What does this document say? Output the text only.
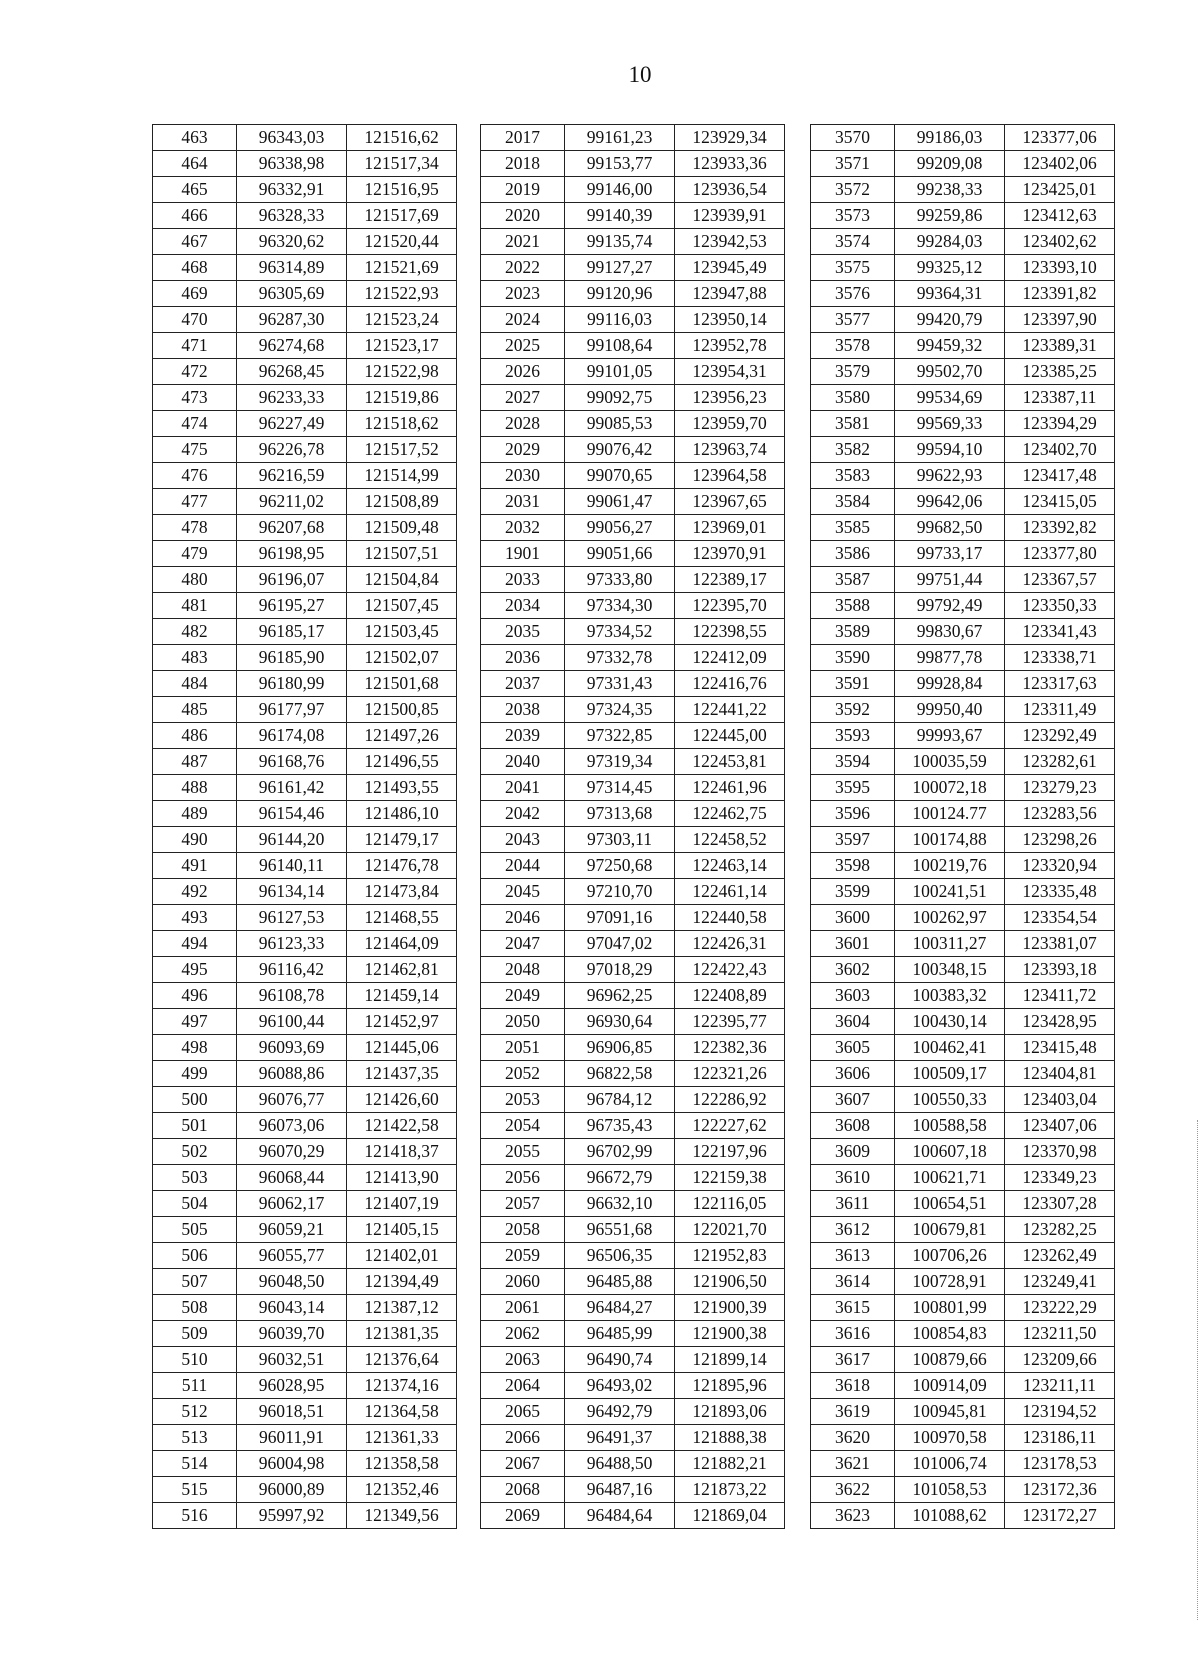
10
463	96343,03	121516,62
464	96338,98	121517,34
465	96332,91	121516,95
466	96328,33	121517,69
467	96320,62	121520,44
468	96314,89	121521,69
469	96305,69	121522,93
470	96287,30	121523,24
471	96274,68	121523,17
472	96268,45	121522,98
473	96233,33	121519,86
474	96227,49	121518,62
475	96226,78	121517,52
476	96216,59	121514,99
477	96211,02	121508,89
478	96207,68	121509,48
479	96198,95	121507,51
480	96196,07	121504,84
481	96195,27	121507,45
482	96185,17	121503,45
483	96185,90	121502,07
484	96180,99	121501,68
485	96177,97	121500,85
486	96174,08	121497,26
487	96168,76	121496,55
488	96161,42	121493,55
489	96154,46	121486,10
490	96144,20	121479,17
491	96140,11	121476,78
492	96134,14	121473,84
493	96127,53	121468,55
494	96123,33	121464,09
495	96116,42	121462,81
496	96108,78	121459,14
497	96100,44	121452,97
498	96093,69	121445,06
499	96088,86	121437,35
500	96076,77	121426,60
501	96073,06	121422,58
502	96070,29	121418,37
503	96068,44	121413,90
504	96062,17	121407,19
505	96059,21	121405,15
506	96055,77	121402,01
507	96048,50	121394,49
508	96043,14	121387,12
509	96039,70	121381,35
510	96032,51	121376,64
511	96028,95	121374,16
512	96018,51	121364,58
513	96011,91	121361,33
514	96004,98	121358,58
515	96000,89	121352,46
516	95997,92	121349,56
2017	99161,23	123929,34
2018	99153,77	123933,36
2019	99146,00	123936,54
2020	99140,39	123939,91
2021	99135,74	123942,53
2022	99127,27	123945,49
2023	99120,96	123947,88
2024	99116,03	123950,14
2025	99108,64	123952,78
2026	99101,05	123954,31
2027	99092,75	123956,23
2028	99085,53	123959,70
2029	99076,42	123963,74
2030	99070,65	123964,58
2031	99061,47	123967,65
2032	99056,27	123969,01
1901	99051,66	123970,91
2033	97333,80	122389,17
2034	97334,30	122395,70
2035	97334,52	122398,55
2036	97332,78	122412,09
2037	97331,43	122416,76
2038	97324,35	122441,22
2039	97322,85	122445,00
2040	97319,34	122453,81
2041	97314,45	122461,96
2042	97313,68	122462,75
2043	97303,11	122458,52
2044	97250,68	122463,14
2045	97210,70	122461,14
2046	97091,16	122440,58
2047	97047,02	122426,31
2048	97018,29	122422,43
2049	96962,25	122408,89
2050	96930,64	122395,77
2051	96906,85	122382,36
2052	96822,58	122321,26
2053	96784,12	122286,92
2054	96735,43	122227,62
2055	96702,99	122197,96
2056	96672,79	122159,38
2057	96632,10	122116,05
2058	96551,68	122021,70
2059	96506,35	121952,83
2060	96485,88	121906,50
2061	96484,27	121900,39
2062	96485,99	121900,38
2063	96490,74	121899,14
2064	96493,02	121895,96
2065	96492,79	121893,06
2066	96491,37	121888,38
2067	96488,50	121882,21
2068	96487,16	121873,22
2069	96484,64	121869,04
3570	99186,03	123377,06
3571	99209,08	123402,06
3572	99238,33	123425,01
3573	99259,86	123412,63
3574	99284,03	123402,62
3575	99325,12	123393,10
3576	99364,31	123391,82
3577	99420,79	123397,90
3578	99459,32	123389,31
3579	99502,70	123385,25
3580	99534,69	123387,11
3581	99569,33	123394,29
3582	99594,10	123402,70
3583	99622,93	123417,48
3584	99642,06	123415,05
3585	99682,50	123392,82
3586	99733,17	123377,80
3587	99751,44	123367,57
3588	99792,49	123350,33
3589	99830,67	123341,43
3590	99877,78	123338,71
3591	99928,84	123317,63
3592	99950,40	123311,49
3593	99993,67	123292,49
3594	100035,59	123282,61
3595	100072,18	123279,23
3596	100124.77	123283,56
3597	100174,88	123298,26
3598	100219,76	123320,94
3599	100241,51	123335,48
3600	100262,97	123354,54
3601	100311,27	123381,07
3602	100348,15	123393,18
3603	100383,32	123411,72
3604	100430,14	123428,95
3605	100462,41	123415,48
3606	100509,17	123404,81
3607	100550,33	123403,04
3608	100588,58	123407,06
3609	100607,18	123370,98
3610	100621,71	123349,23
3611	100654,51	123307,28
3612	100679,81	123282,25
3613	100706,26	123262,49
3614	100728,91	123249,41
3615	100801,99	123222,29
3616	100854,83	123211,50
3617	100879,66	123209,66
3618	100914,09	123211,11
3619	100945,81	123194,52
3620	100970,58	123186,11
3621	101006,74	123178,53
3622	101058,53	123172,36
3623	101088,62	123172,27
